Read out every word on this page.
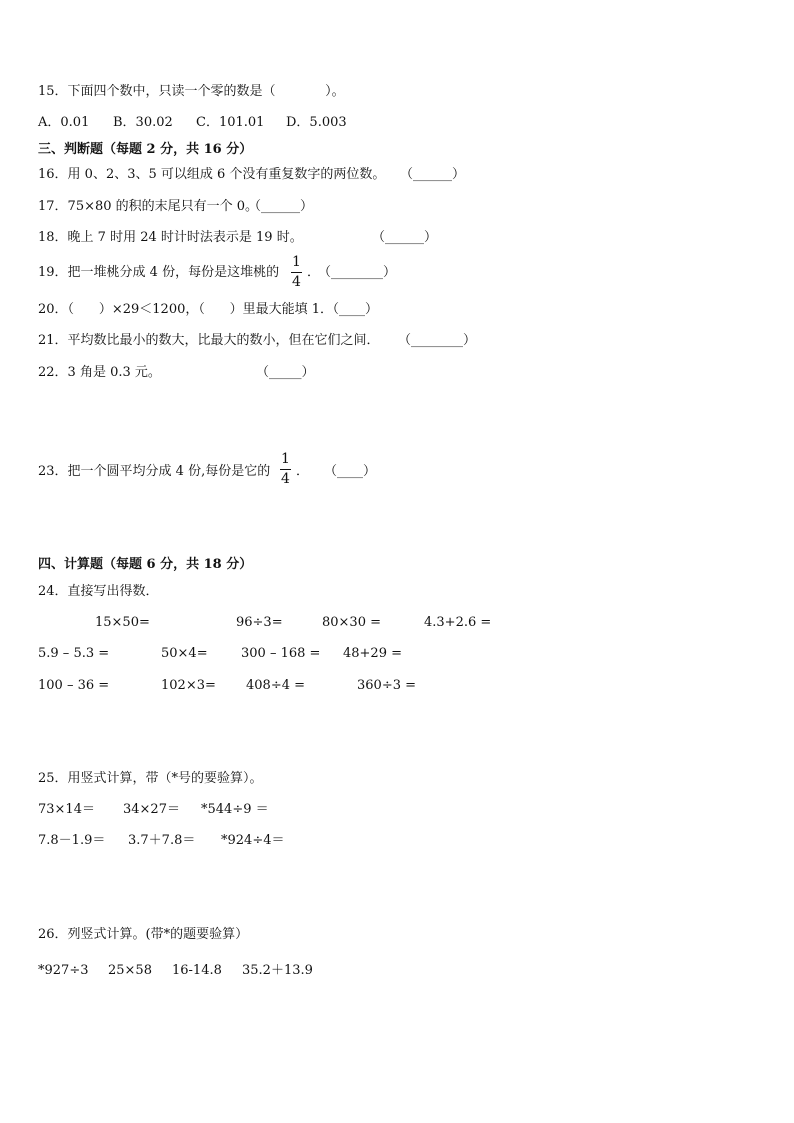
15．下面四个数中，只读一个零的数是（            ）。
A．0.01 B．30.02 C．101.01 D．5.003
三、判断题（每题 2 分，共 16 分）
16．用 0、2、3、5 可以组成 6 个没有重复数字的两位数。 （______）
17．75×80 的积的末尾只有一个 0。
（______）
18．晚上 7 时用 24 时计时法表示是 19 时。	（______）
19．把一堆桃分成 4 份，每份是这堆桃的
1
4
．
（________）
20．（      ）×29＜1200，（      ）里最大能填 1．
（____）
21．平均数比最小的数大，比最大的数小，但在它们之间． （________）
22．3 角是 0.3 元。	（_____）
23．把一个圆平均分成 4 份,每份是它的
1
4 ． （____）
四、计算题（每题 6 分，共 18 分）
24．直接写出得数．
15×50=	96÷3=	80×30 =	4.3+2.6 =
5.9 – 5.3 =	50×4=	300 – 168 = 48+29 =
100 – 36 =	102×3= 408÷4 =	360÷3 =
25．用竖式计算，带（*号的要验算）。
73×14＝ 34×27＝ *544÷9 ＝
7.8－1.9＝ 3.7＋7.8＝ *924÷4＝
26．列竖式计算。(带*的题要验算）
*927÷3 25×58 16-14.8 35.2＋13.9
